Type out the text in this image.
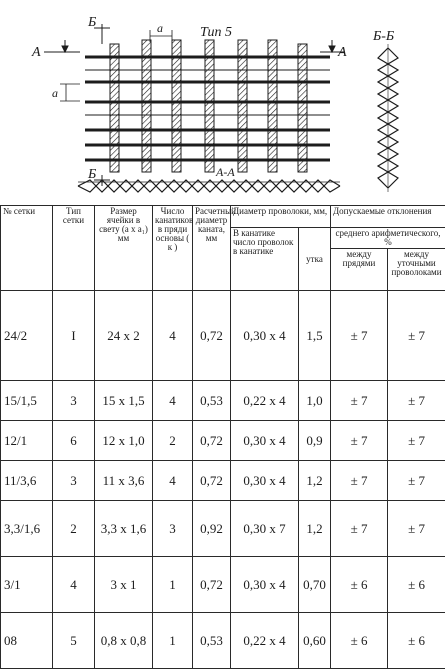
А	А
Б
Б
Тип 5	Б-Б
А-А
a
a
№ сетки	Тип сетки	Размер ячейки в свету (а х а₁) мм	Число канатиков в пряди основы ( к )	Расчетный диаметр каната, мм	Диаметр проволоки, мм,		Допускаемые отклонения	
					В канатике число проволок в канатике	утка	среднего арифметического, %	
							между прядями	между уточными проволоками
24/2	I	24 х 2	4	0,72	0,30 х 4	1,5	± 7	± 7
15/1,5	3	15 х 1,5	4	0,53	0,22 х 4	1,0	± 7	± 7
12/1	6	12 х 1,0	2	0,72	0,30 х 4	0,9	± 7	± 7
11/3,6	3	11 х 3,6	4	0,72	0,30 х 4	1,2	± 7	± 7
3,3/1,6	2	3,3 х 1,6	3	0,92	0,30 х 7	1,2	± 7	± 7
3/1	4	3 х 1	1	0,72	0,30 х 4	0,70	± 6	± 6
08	5	0,8 х 0,8	1	0,53	0,22 х 4	0,60	± 6	± 6
